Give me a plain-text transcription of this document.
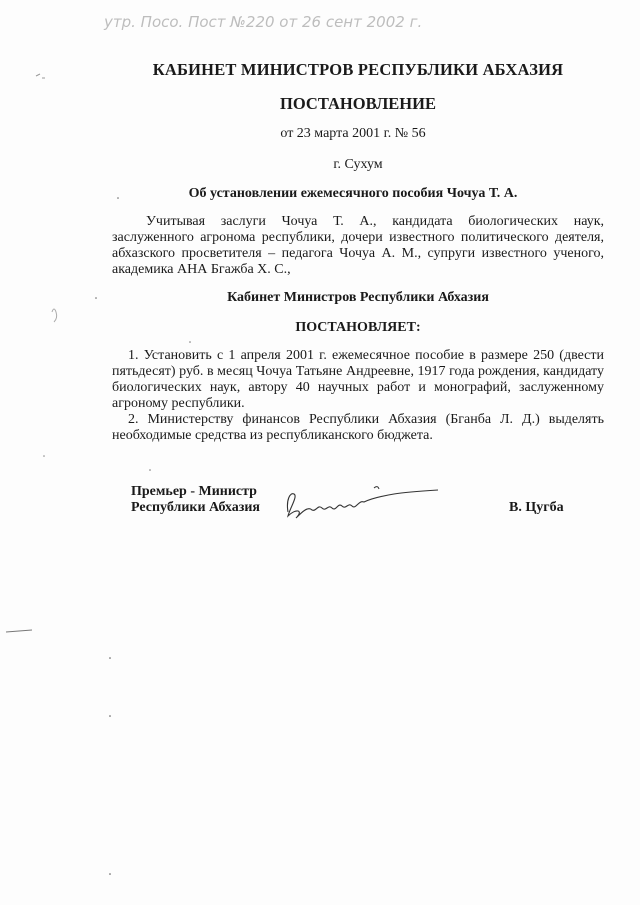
утр. Посо. Пост №220 от 26 сент 2002 г.
КАБИНЕТ МИНИСТРОВ РЕСПУБЛИКИ АБХАЗИЯ
ПОСТАНОВЛЕНИЕ
от 23 марта 2001 г. № 56
г. Сухум
Об установлении ежемесячного пособия Чочуа Т. А.

Учитывая заслуги Чочуа Т. А., кандидата биологических наук, заслуженного агронома республики, дочери известного политического деятеля, абхазского просветителя – педагога Чочуа А. М., супруги известного ученого, академика АНА Бгажба Х. С.,

Кабинет Министров Республики Абхазия
ПОСТАНОВЛЯЕТ:

1. Установить с 1 апреля 2001 г. ежемесячное пособие в размере 250 (двести пятьдесят) руб. в месяц Чочуа Татьяне Андреевне, 1917 года рождения, кандидату биологических наук, автору 40 научных работ и монографий, заслуженному агроному республики.

2. Министерству финансов Республики Абхазия (Бганба Л. Д.) выделять необходимые средства из республиканского бюджета.

Премьер - Министр
Республики Абхазия	В. Цугба
